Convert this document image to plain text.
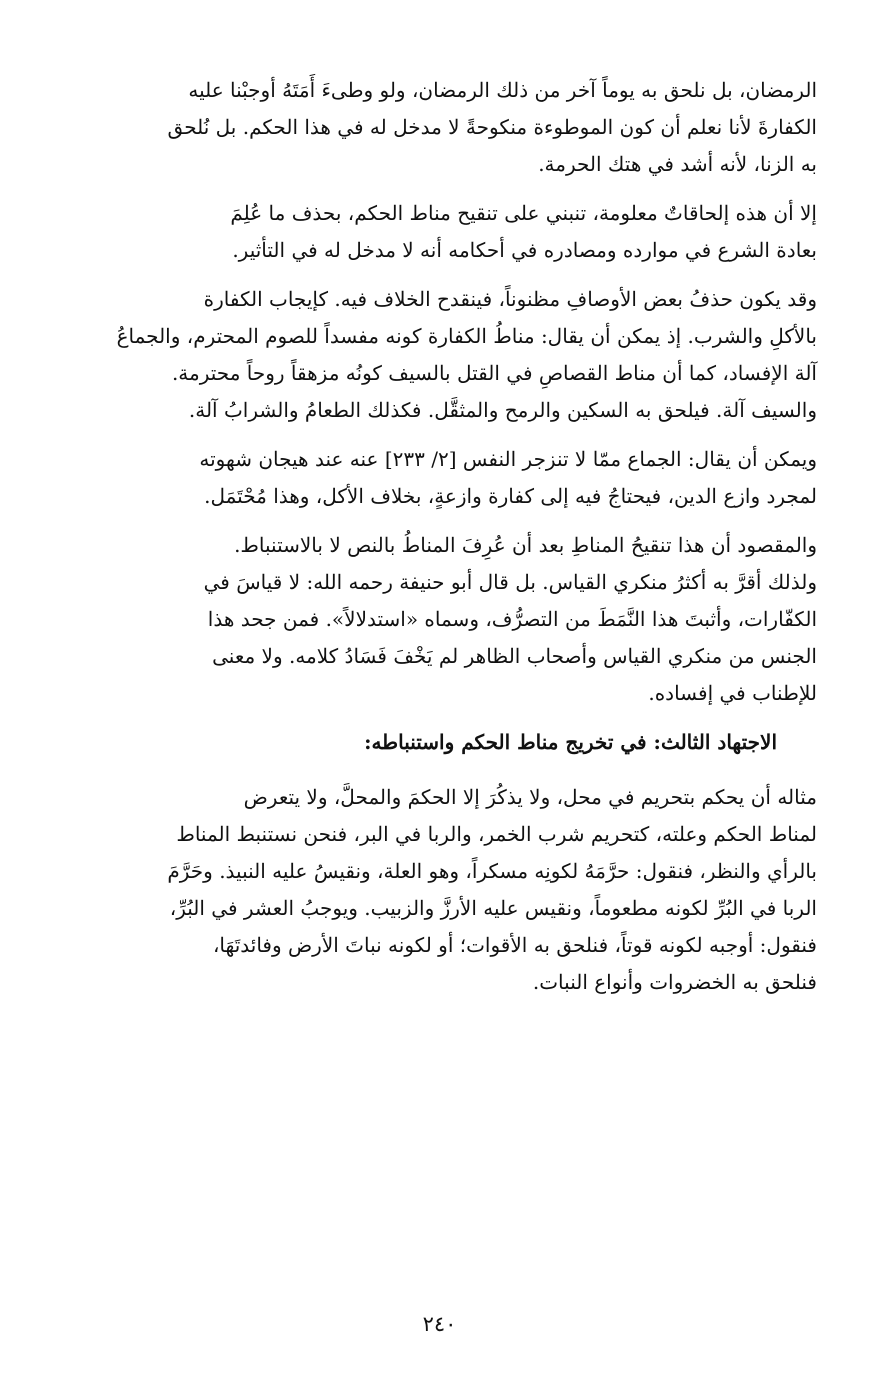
الرمضان، بل نلحق به يوماً آخر من ذلك الرمضان، ولو وطىءَ أَمَتَهُ أوجبْنا عليه
الكفارةَ لأنا نعلم أن كون الموطوءة منكوحةً لا مدخل له في هذا الحكم. بل نُلحق
به الزنا، لأنه أشد في هتك الحرمة.

إلا أن هذه إلحاقاتٌ معلومة، تنبني على تنقيح مناط الحكم، بحذف ما عُلِمَ
بعادة الشرع في موارده ومصادره في أحكامه أنه لا مدخل له في التأثير.

وقد يكون حذفُ بعض الأوصافِ مظنوناً، فينقدح الخلاف فيه. كإيجاب الكفارة
بالأكلِ والشرب. إذ يمكن أن يقال: مناطُ الكفارة كونه مفسداً للصوم المحترم، والجماعُ
آلة الإفساد، كما أن مناط القصاصِ في القتل بالسيف كونُه مزهقاً روحاً محترمة.
والسيف آلة. فيلحق به السكين والرمح والمثقَّل. فكذلك الطعامُ والشرابُ آلة.

ويمكن أن يقال: الجماع ممّا لا تنزجر النفس [٢/ ٢٣٣] عنه عند هيجان شهوته
لمجرد وازع الدين، فيحتاجُ فيه إلى كفارة وازعةٍ، بخلاف الأكل، وهذا مُحْتَمَل.

والمقصود أن هذا تنقيحُ المناطِ بعد أن عُرِفَ المناطُ بالنص لا بالاستنباط.
ولذلك أقرَّ به أكثرُ منكري القياس. بل قال أبو حنيفة رحمه الله: لا قياسَ في
الكفّارات، وأثبتَ هذا النَّمَطَ من التصرُّف، وسماه «استدلالاً». فمن جحد هذا
الجنس من منكري القياس وأصحاب الظاهر لم يَخْفَ فَسَادُ كلامه. ولا معنى
للإطناب في إفساده.

الاجتهاد الثالث: في تخريج مناط الحكم واستنباطه:

مثاله أن يحكم بتحريم في محل، ولا يذكُرَ إلا الحكمَ والمحلَّ، ولا يتعرض
لمناط الحكم وعلته، كتحريم شرب الخمر، والربا في البر، فنحن نستنبط المناط
بالرأي والنظر، فنقول: حرَّمَهُ لكونِه مسكراً، وهو العلة، ونقيسُ عليه النبيذ. وحَرَّمَ
الربا في البُرِّ لكونه مطعوماً، ونقيس عليه الأرزَّ والزبيب. ويوجبُ العشر في البُرِّ،
فنقول: أوجبه لكونه قوتاً، فنلحق به الأقوات؛ أو لكونه نباتَ الأرض وفائدتَهَا،
فنلحق به الخضروات وأنواع النبات.

٢٤٠
